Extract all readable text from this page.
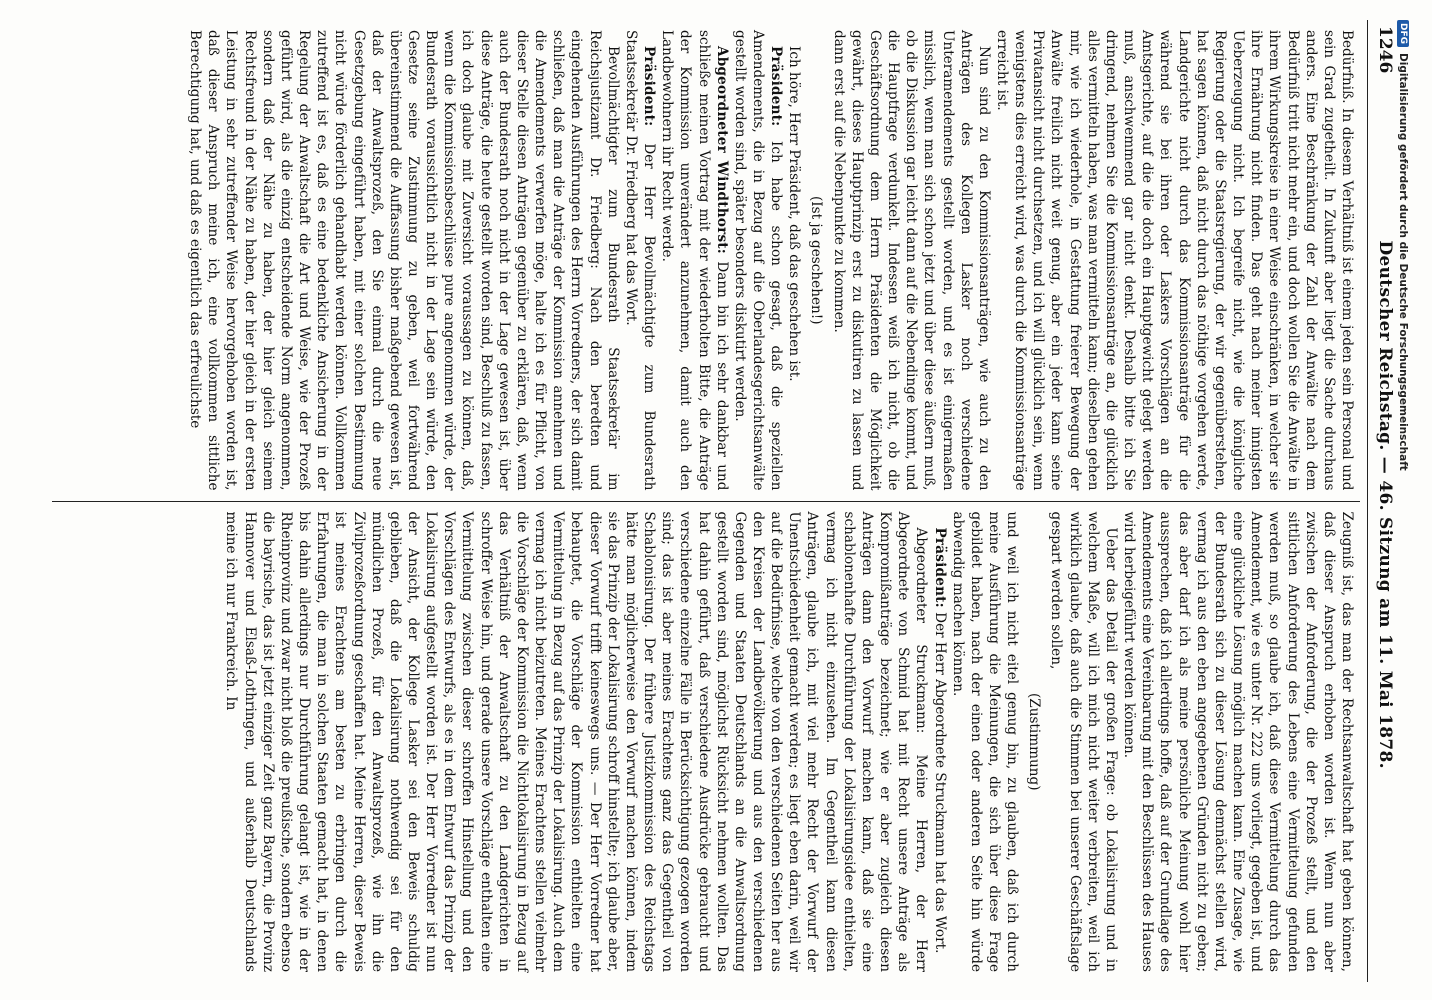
1246
Deutscher Reichstag. — 46. Sitzung am 11. Mai 1878.

Bedürfniß. In diesem Verhältniß ist einem jeden sein Personal und sein Grad zugetheilt. In Zukunft aber liegt die Sache durchaus anders. Eine Beschränkung der Zahl der Anwälte nach dem Bedürfniß tritt nicht mehr ein, und doch wollen Sie die Anwälte in ihrem Wirkungskreise in einer Weise einschränken, in welcher sie ihre Ernährung nicht finden. Das geht nach meiner innigsten Ueberzeugung nicht. Ich begreife nicht, wie die königliche Regierung oder die Staatsregierung, der wir gegenüberstehen, hat sagen können, daß nicht durch das nöthige vorgehen werde, Landgerichte nicht durch das Kommissionsanträge für die während sie bei ihren oder Laskers Vorschlägen an die Amtsgerichte, auf die die doch ein Hauptgewicht gelegt werden muß, anschwemmend gar nicht denkt. Deshalb bitte ich Sie dringend, nehmen Sie die Kommissionsanträge an, die glücklich alles vermitteln haben, was man vermitteln kann; dieselben gehen mir, wie ich wiederhole, in Gestattung freierer Bewegung der Anwälte freilich nicht weit genug, aber ein jeder kann seine Privatansicht nicht durchsetzen, und ich will glücklich sein, wenn wenigstens dies erreicht wird, was durch die Kommissionsanträge erreicht ist.

Nun sind zu den Kommissionsanträgen, wie auch zu den Anträgen des Kollegen Lasker noch verschiedene Unteramendements gestellt worden, und es ist einigermaßen misslich, wenn man sich schon jetzt und über diese äußern muß, ob die Diskussion gar leicht dann auf die Nebendinge kommt, und die Hauptfrage verdunkelt. Indessen weiß ich nicht, ob die Geschäftsordnung dem Herrn Präsidenten die Möglichkeit gewährt, dieses Hauptprinzip erst zu diskutiren zu lassen und dann erst auf die Nebenpunkte zu kommen.

(Ist ja geschehen!)

Ich höre, Herr Präsident, daß das geschehen ist.

Präsident: Ich habe schon gesagt, daß die speziellen Amendements, die in Bezug auf die Oberlandesgerichtsanwälte gestellt worden sind, später besonders diskutirt werden.

Abgeordneter Windthorst: Dann bin ich sehr dankbar und schließe meinen Vortrag mit der wiederholten Bitte, die Anträge der Kommission unverändert anzunehmen, damit auch den Landbewohnern ihr Recht werde.

Präsident: Der Herr Bevollmächtigte zum Bundesrath Staatssekretär Dr. Friedberg hat das Wort.

Bevollmächtigter zum Bundesrath Staatssekretär im Reichsjustizamt Dr. Friedberg: Nach den beredten und eingehenden Ausführungen des Herrn Vorredners, der sich damit schließen, daß man die Anträge der Kommission annehmen und die Amendements verwerfen möge, halte ich es für Pflicht, von dieser Stelle diesen Anträgen gegenüber zu erklären, daß, wenn auch der Bundesrath noch nicht in der Lage gewesen ist, über diese Anträge, die heute gestellt worden sind, Beschluß zu fassen, ich doch glaube mit Zuversicht voraussagen zu können, daß, wenn die Kommissionsbeschlüsse pure angenommen würde, der Bundesrath voraussichtlich nicht in der Lage sein würde, den Gesetze seine Zustimmung zu geben, weil fortwährend übereinstimmend die Auffassung bisher maßgebend gewesen ist, daß der Anwaltsprozeß, den Sie einmal durch die neue Gesetzgebung eingeführt haben, mit einer solchen Bestimmung nicht würde förderlich gehandhabt werden können. Vollkommen zutreffend ist es, daß es eine bedenkliche Ansicherung in der Regelung der Anwaltschaft die Art und Weise, wie der Prozeß geführt wird, als die einzig entscheidende Norm angenommen, sondern daß der Nähe zu haben, der hier gleich seinem Rechtsfreund in der Nähe zu haben, der hier gleich in der ersten Leistung in sehr zutreffender Weise hervorgehoben worden ist, daß dieser Anspruch meine ich, eine vollkommen sittliche Berechtigung hat, und daß es eigentlich das erfreulichste

Zeugniß ist, das man der Rechtsanwaltschaft hat geben können, daß dieser Anspruch erhoben worden ist. Wenn nun aber zwischen der Anforderung, die der Prozeß stellt, und den sittlichen Anforderung des Lebens eine Vermittelung gefunden werden muß, so glaube ich, daß diese Vermittelung durch das Amendement, wie es unter Nr. 222 uns vorliegt, gegeben ist, und eine glückliche Lösung möglich machen kann. Eine Zusage, wie der Bundesrath sich zu dieser Lösung demnächst stellen wird, vermag ich aus den eben angegebenen Gründen nicht zu geben; das aber darf ich als meine persönliche Meinung wohl hier aussprechen, daß ich allerdings hoffe, daß auf der Grundlage des Amendements eine Vereinbarung mit den Beschlüssen des Hauses wird herbeigeführt werden können.

Ueber das Detail der großen Frage: ob Lokalisirung und in welchem Maße, will ich mich nicht weiter verbreiten, weil ich wirklich glaube, daß auch die Stimmen bei unserer Geschäftslage gespart werden sollen,

(Zustimmung)

und weil ich nicht eitel genug bin, zu glauben, daß ich durch meine Ausführung die Meinungen, die sich über diese Frage gebildet haben, nach der einen oder anderen Seite hin würde abwendig machen können.

Präsident: Der Herr Abgeordnete Struckmann hat das Wort.

Abgeordneter Struckmann: Meine Herren, der Herr Abgeordnete von Schmid hat mit Recht unsere Anträge als Kompromißanträge bezeichnet; wie er aber zugleich diesen Anträgen dann den Vorwurf machen kann, daß sie eine schablonenhafte Durchführung der Lokalisirungsidee enthielten, vermag ich nicht einzusehen. Im Gegentheil kann diesen Anträgen, glaube ich, mit viel mehr Recht der Vorwurf der Unentschiedenheit gemacht werden; es liegt eben darin, weil wir auf die Bedürfnisse, welche von den verschiedenen Seiten her aus den Kreisen der Landbevölkerung und aus den verschiedenen Gegenden und Staaten Deutschlands an die Anwaltsordnung gestellt worden sind, möglichst Rücksicht nehmen wollten. Das hat dahin geführt, daß verschiedene Ausdrücke gebraucht und verschiedene einzelne Fälle in Berücksichtigung gezogen worden sind; das ist aber meines Erachtens ganz das Gegentheil von Schablonisirung. Der frühere Justizkommission des Reichstags hätte man möglicherweise den Vorwurf machen können, indem sie das Prinzip der Lokalisirung schroff hinstellte; ich glaube aber, dieser Vorwurf trifft keineswegs uns. — Der Herr Vorredner hat behauptet, die Vorschläge der Kommission enthielten eine Vermittelung in Bezug auf das Prinzip der Lokalisirung. Auch dem vermag ich nicht beizutreten. Meines Erachtens stellen vielmehr die Vorschläge der Kommission die Nichtlokalisirung in Bezug auf das Verhältniß der Anwaltschaft zu den Landgerichten in schroffer Weise hin, und gerade unsere Vorschläge enthalten eine Vermittelung zwischen dieser schroffen Hinstellung und den Vorschlägen des Entwurfs, als es in dem Entwurf das Prinzip der Lokalisirung aufgestellt worden ist. Der Herr Vorredner ist nun der Ansicht, der Kollege Lasker sei den Beweis schuldig geblieben, daß die Lokalisirung nothwendig sei für den mündlichen Prozeß, für den Anwaltsprozeß, wie ihn die Zivilprozeßordnung geschaffen hat. Meine Herren, dieser Beweis ist meines Erachtens am besten zu erbringen durch die Erfahrungen, die man in solchen Staaten gemacht hat, in denen bis dahin allerdings nur Durchführung gelangt ist, wie in der Rheinprovinz und zwar nicht bloß die preußische, sondern ebenso die bayrische, das ist jetzt einziger Zeit ganz Bayern, die Provinz Hannover und Elsaß-Lothringen, und außerhalb Deutschlands meine ich nur Frankreich. In

DFG
Digitalisierung gefördert durch die Deutsche Forschungsgemeinschaft
